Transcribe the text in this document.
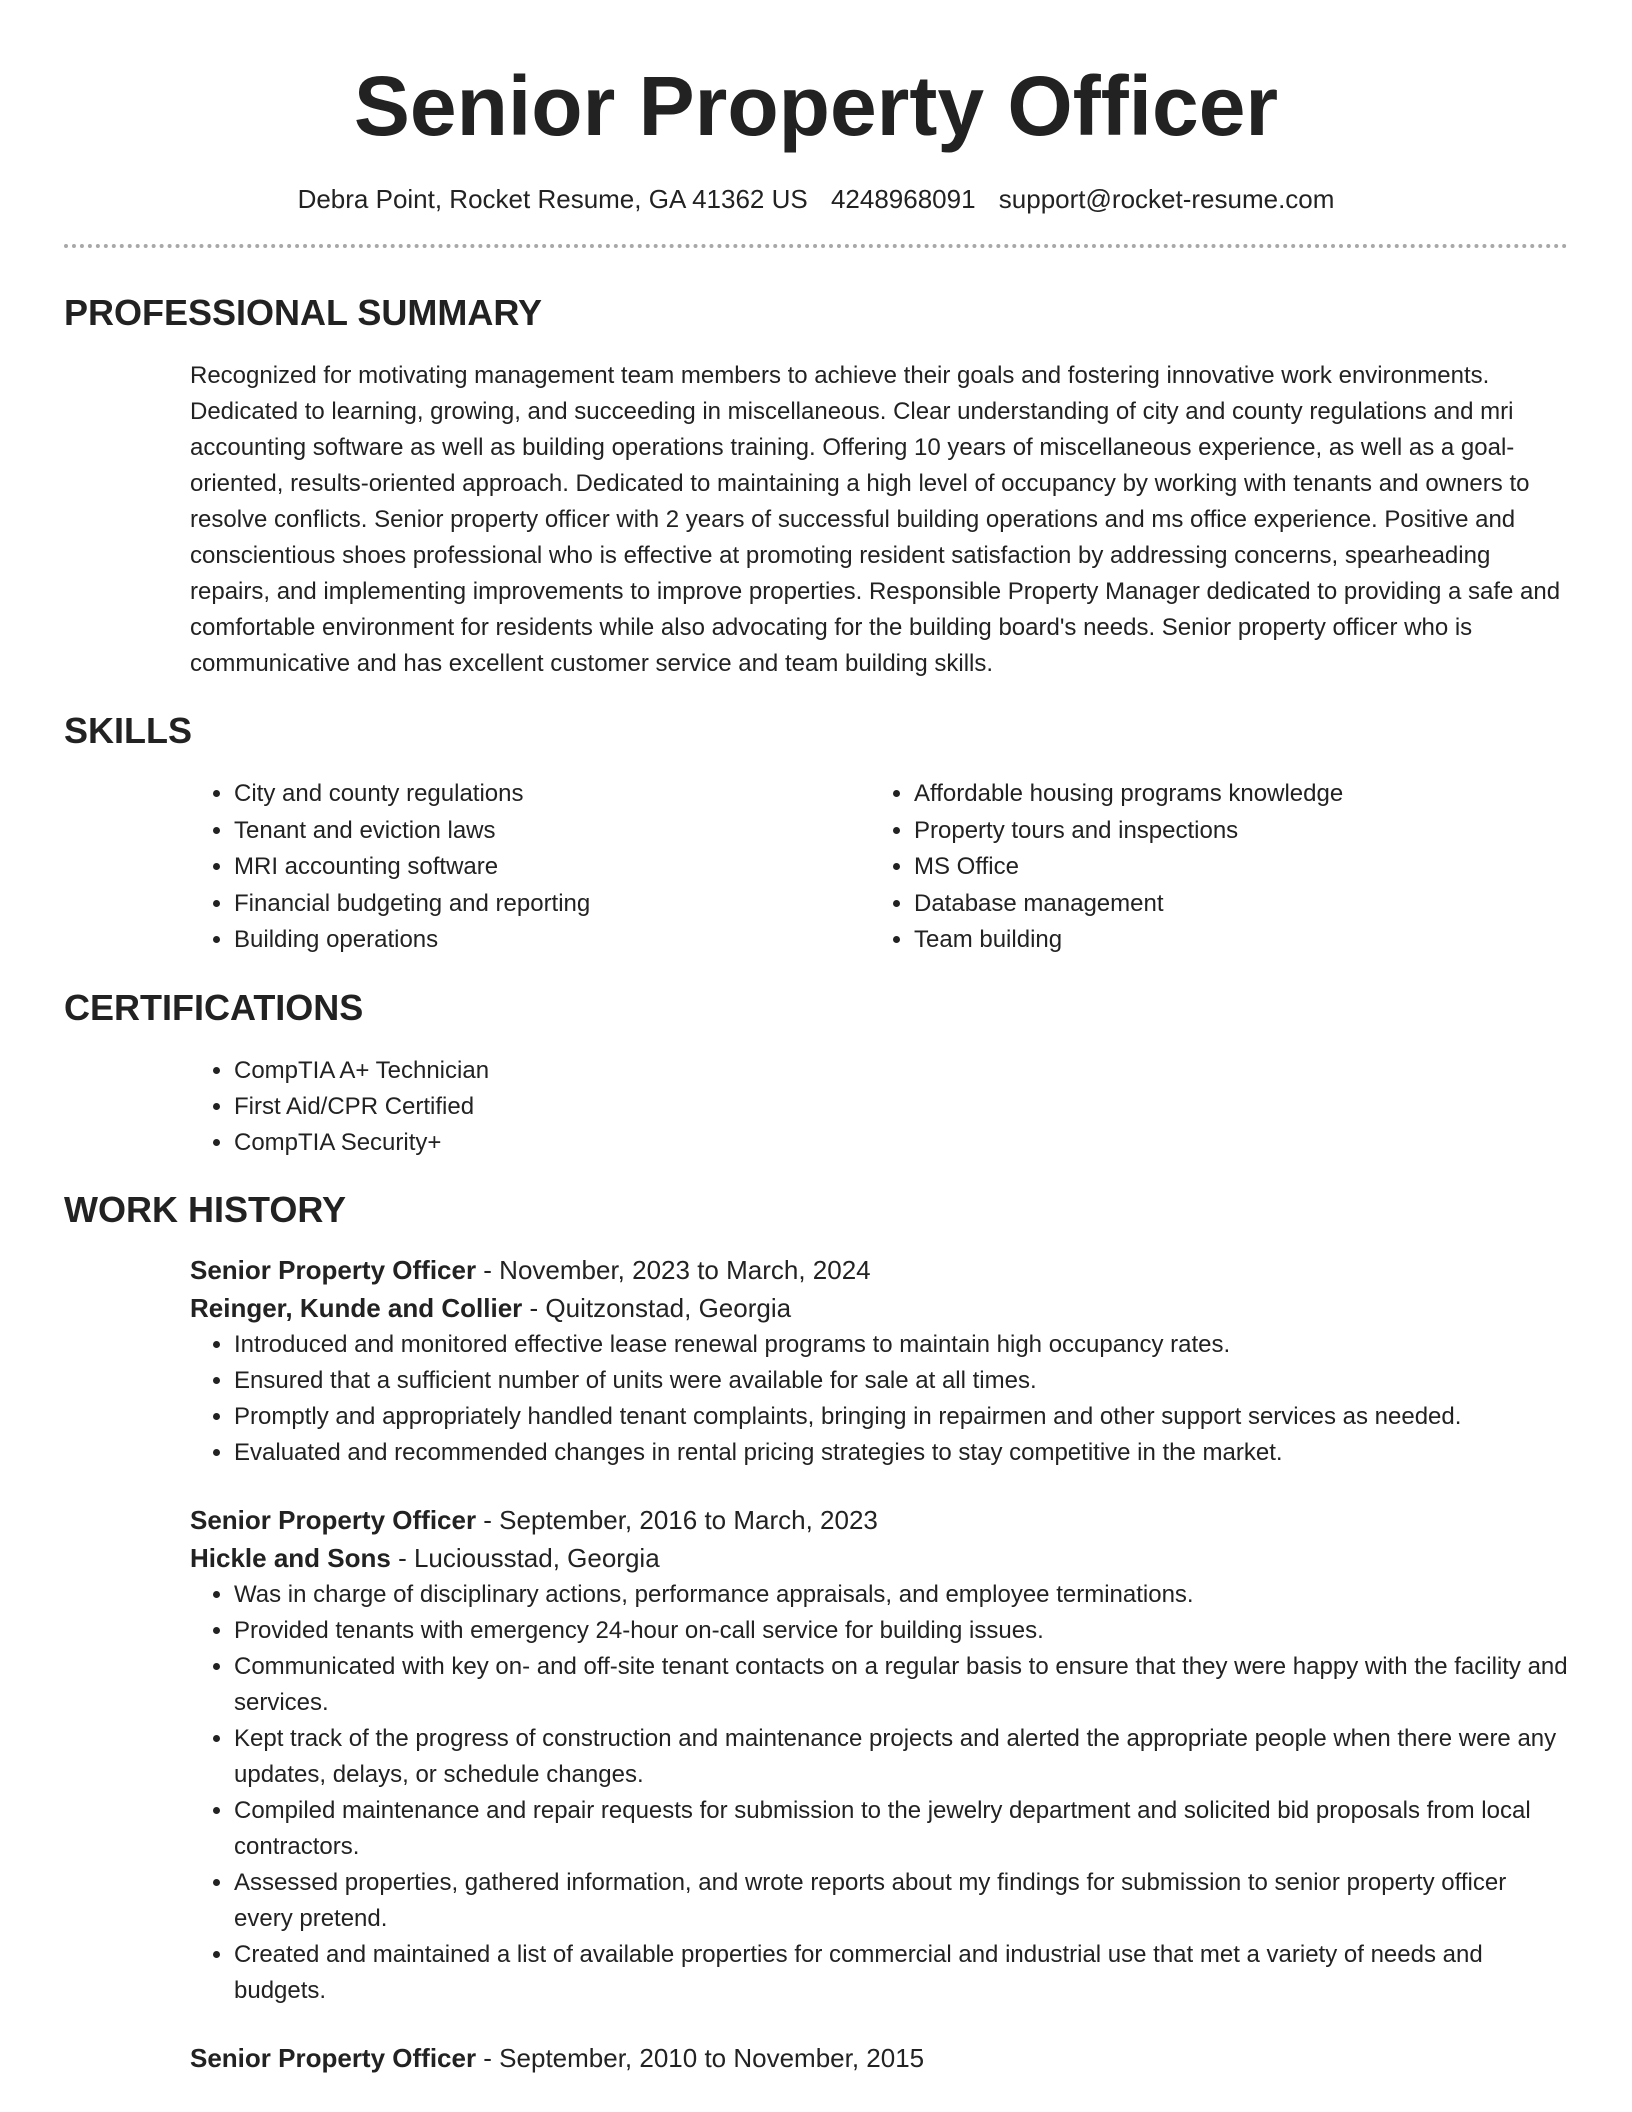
Senior Property Officer
Debra Point, Rocket Resume, GA 41362 US 4248968091 support@rocket-resume.com
PROFESSIONAL SUMMARY

Recognized for motivating management team members to achieve their goals and fostering innovative work environments. Dedicated to learning, growing, and succeeding in miscellaneous. Clear understanding of city and county regulations and mri accounting software as well as building operations training. Offering 10 years of miscellaneous experience, as well as a goal-oriented, results-oriented approach. Dedicated to maintaining a high level of occupancy by working with tenants and owners to resolve conflicts. Senior property officer with 2 years of successful building operations and ms office experience. Positive and conscientious shoes professional who is effective at promoting resident satisfaction by addressing concerns, spearheading repairs, and implementing improvements to improve properties. Responsible Property Manager dedicated to providing a safe and comfortable environment for residents while also advocating for the building board's needs. Senior property officer who is communicative and has excellent customer service and team building skills.

SKILLS
• City and county regulations
• Tenant and eviction laws
• MRI accounting software
• Financial budgeting and reporting
• Building operations
• Affordable housing programs knowledge
• Property tours and inspections
• MS Office
• Database management
• Team building
CERTIFICATIONS
• CompTIA A+ Technician
• First Aid/CPR Certified
• CompTIA Security+
WORK HISTORY
Senior Property Officer - November, 2023 to March, 2024
Reinger, Kunde and Collier - Quitzonstad, Georgia
• Introduced and monitored effective lease renewal programs to maintain high occupancy rates.
• Ensured that a sufficient number of units were available for sale at all times.
• Promptly and appropriately handled tenant complaints, bringing in repairmen and other support services as needed.
• Evaluated and recommended changes in rental pricing strategies to stay competitive in the market.
Senior Property Officer - September, 2016 to March, 2023
Hickle and Sons - Luciousstad, Georgia
• Was in charge of disciplinary actions, performance appraisals, and employee terminations.
• Provided tenants with emergency 24-hour on-call service for building issues.
• Communicated with key on- and off-site tenant contacts on a regular basis to ensure that they were happy with the facility and services.
• Kept track of the progress of construction and maintenance projects and alerted the appropriate people when there were any updates, delays, or schedule changes.
• Compiled maintenance and repair requests for submission to the jewelry department and solicited bid proposals from local contractors.
• Assessed properties, gathered information, and wrote reports about my findings for submission to senior property officer every pretend.
• Created and maintained a list of available properties for commercial and industrial use that met a variety of needs and budgets.
Senior Property Officer - September, 2010 to November, 2015
